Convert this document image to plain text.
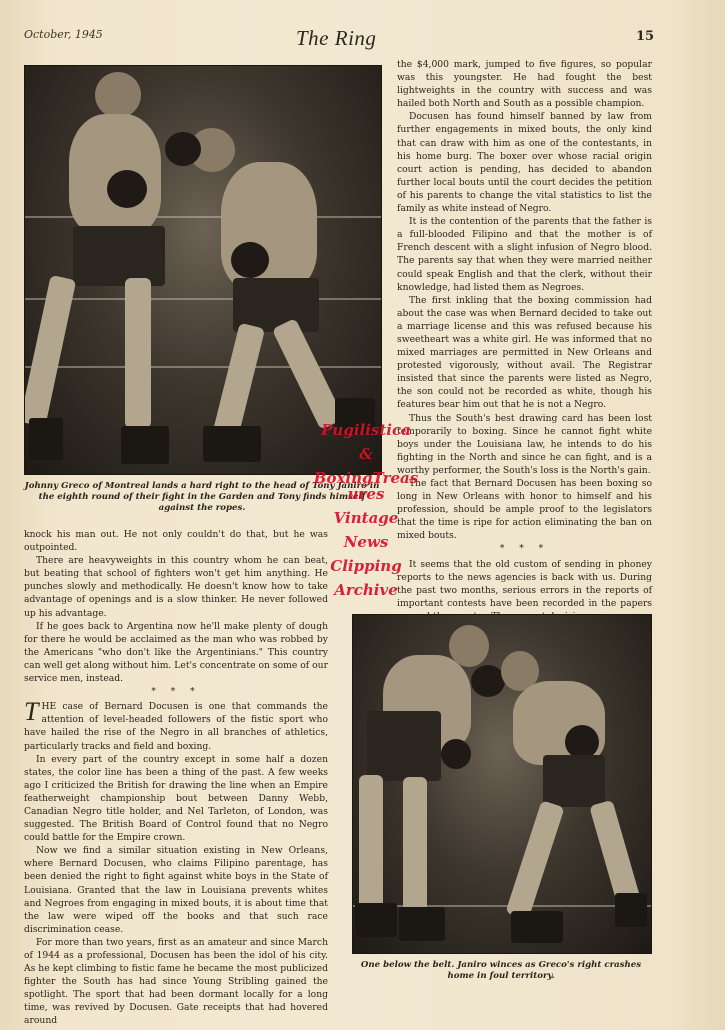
October, 1945	The Ring	15
Johnny Greco of Montreal lands a hard right to the head of Tony Janiro in the eighth round of their fight in the Garden and Tony finds himself against the ropes.

knock his man out. He not only couldn't do that, but he was outpointed.

There are heavyweights in this country whom he can beat, but beating that school of fighters won't get him anything. He punches slowly and methodically. He doesn't know how to take advantage of openings and is a slow thinker. He never followed up his advantage.

If he goes back to Argentina now he'll make plenty of dough for there he would be acclaimed as the man who was robbed by the Americans "who don't like the Argentinians." This country can well get along without him. Let's concentrate on some of our service men, instead.

* * *

THE case of Bernard Docusen is one that commands the attention of level-headed followers of the fistic sport who have hailed the rise of the Negro in all branches of athletics, particularly tracks and field and boxing.

In every part of the country except in some half a dozen states, the color line has been a thing of the past. A few weeks ago I criticized the British for drawing the line when an Empire featherweight championship bout between Danny Webb, Canadian Negro title holder, and Nel Tarleton, of London, was suggested. The British Board of Control found that no Negro could battle for the Empire crown.

Now we find a similar situation existing in New Orleans, where Bernard Docusen, who claims Filipino parentage, has been denied the right to fight against white boys in the State of Louisiana. Granted that the law in Louisiana prevents whites and Negroes from engaging in mixed bouts, it is about time that the law were wiped off the books and that such race discrimination cease.

For more than two years, first as an amateur and since March of 1944 as a professional, Docusen has been the idol of his city. As he kept climbing to fistic fame he became the most publicized fighter the South has had since Young Stribling gained the spotlight. The sport that had been dormant locally for a long time, was revived by Docusen. Gate receipts that had hovered around

the $4,000 mark, jumped to five figures, so popular was this youngster. He had fought the best lightweights in the country with success and was hailed both North and South as a possible champion.

Docusen has found himself banned by law from further engagements in mixed bouts, the only kind that can draw with him as one of the contestants, in his home burg. The boxer over whose racial origin court action is pending, has decided to abandon further local bouts until the court decides the petition of his parents to change the vital statistics to list the family as white instead of Negro.

It is the contention of the parents that the father is a full-blooded Filipino and that the mother is of French descent with a slight infusion of Negro blood. The parents say that when they were married neither could speak English and that the clerk, without their knowledge, had listed them as Negroes.

The first inkling that the boxing commission had about the case was when Bernard decided to take out a marriage license and this was refused because his sweetheart was a white girl. He was informed that no mixed marriages are permitted in New Orleans and protested vigorously, without avail. The Registrar insisted that since the parents were listed as Negro, the son could not be recorded as white, though his features bear him out that he is not a Negro.

Thus the South's best drawing card has been lost temporarily to boxing. Since he cannot fight white boys under the Louisiana law, he intends to do his fighting in the North and since he can fight, and is a worthy performer, the South's loss is the North's gain.

The fact that Bernard Docusen has been boxing so long in New Orleans with honor to himself and his profession, should be ample proof to the legislators that the time is ripe for action eliminating the ban on mixed bouts.

* * *

It seems that the old custom of sending in phoney reports to the news agencies is back with us. During the past two months, serious errors in the reports of important contests have been recorded in the papers

One below the belt. Janiro winces as Greco's right crashes home in foul territory.
Pugilistica
&
BoxingTreas
ures
Vintage
News
Clipping
Archive
